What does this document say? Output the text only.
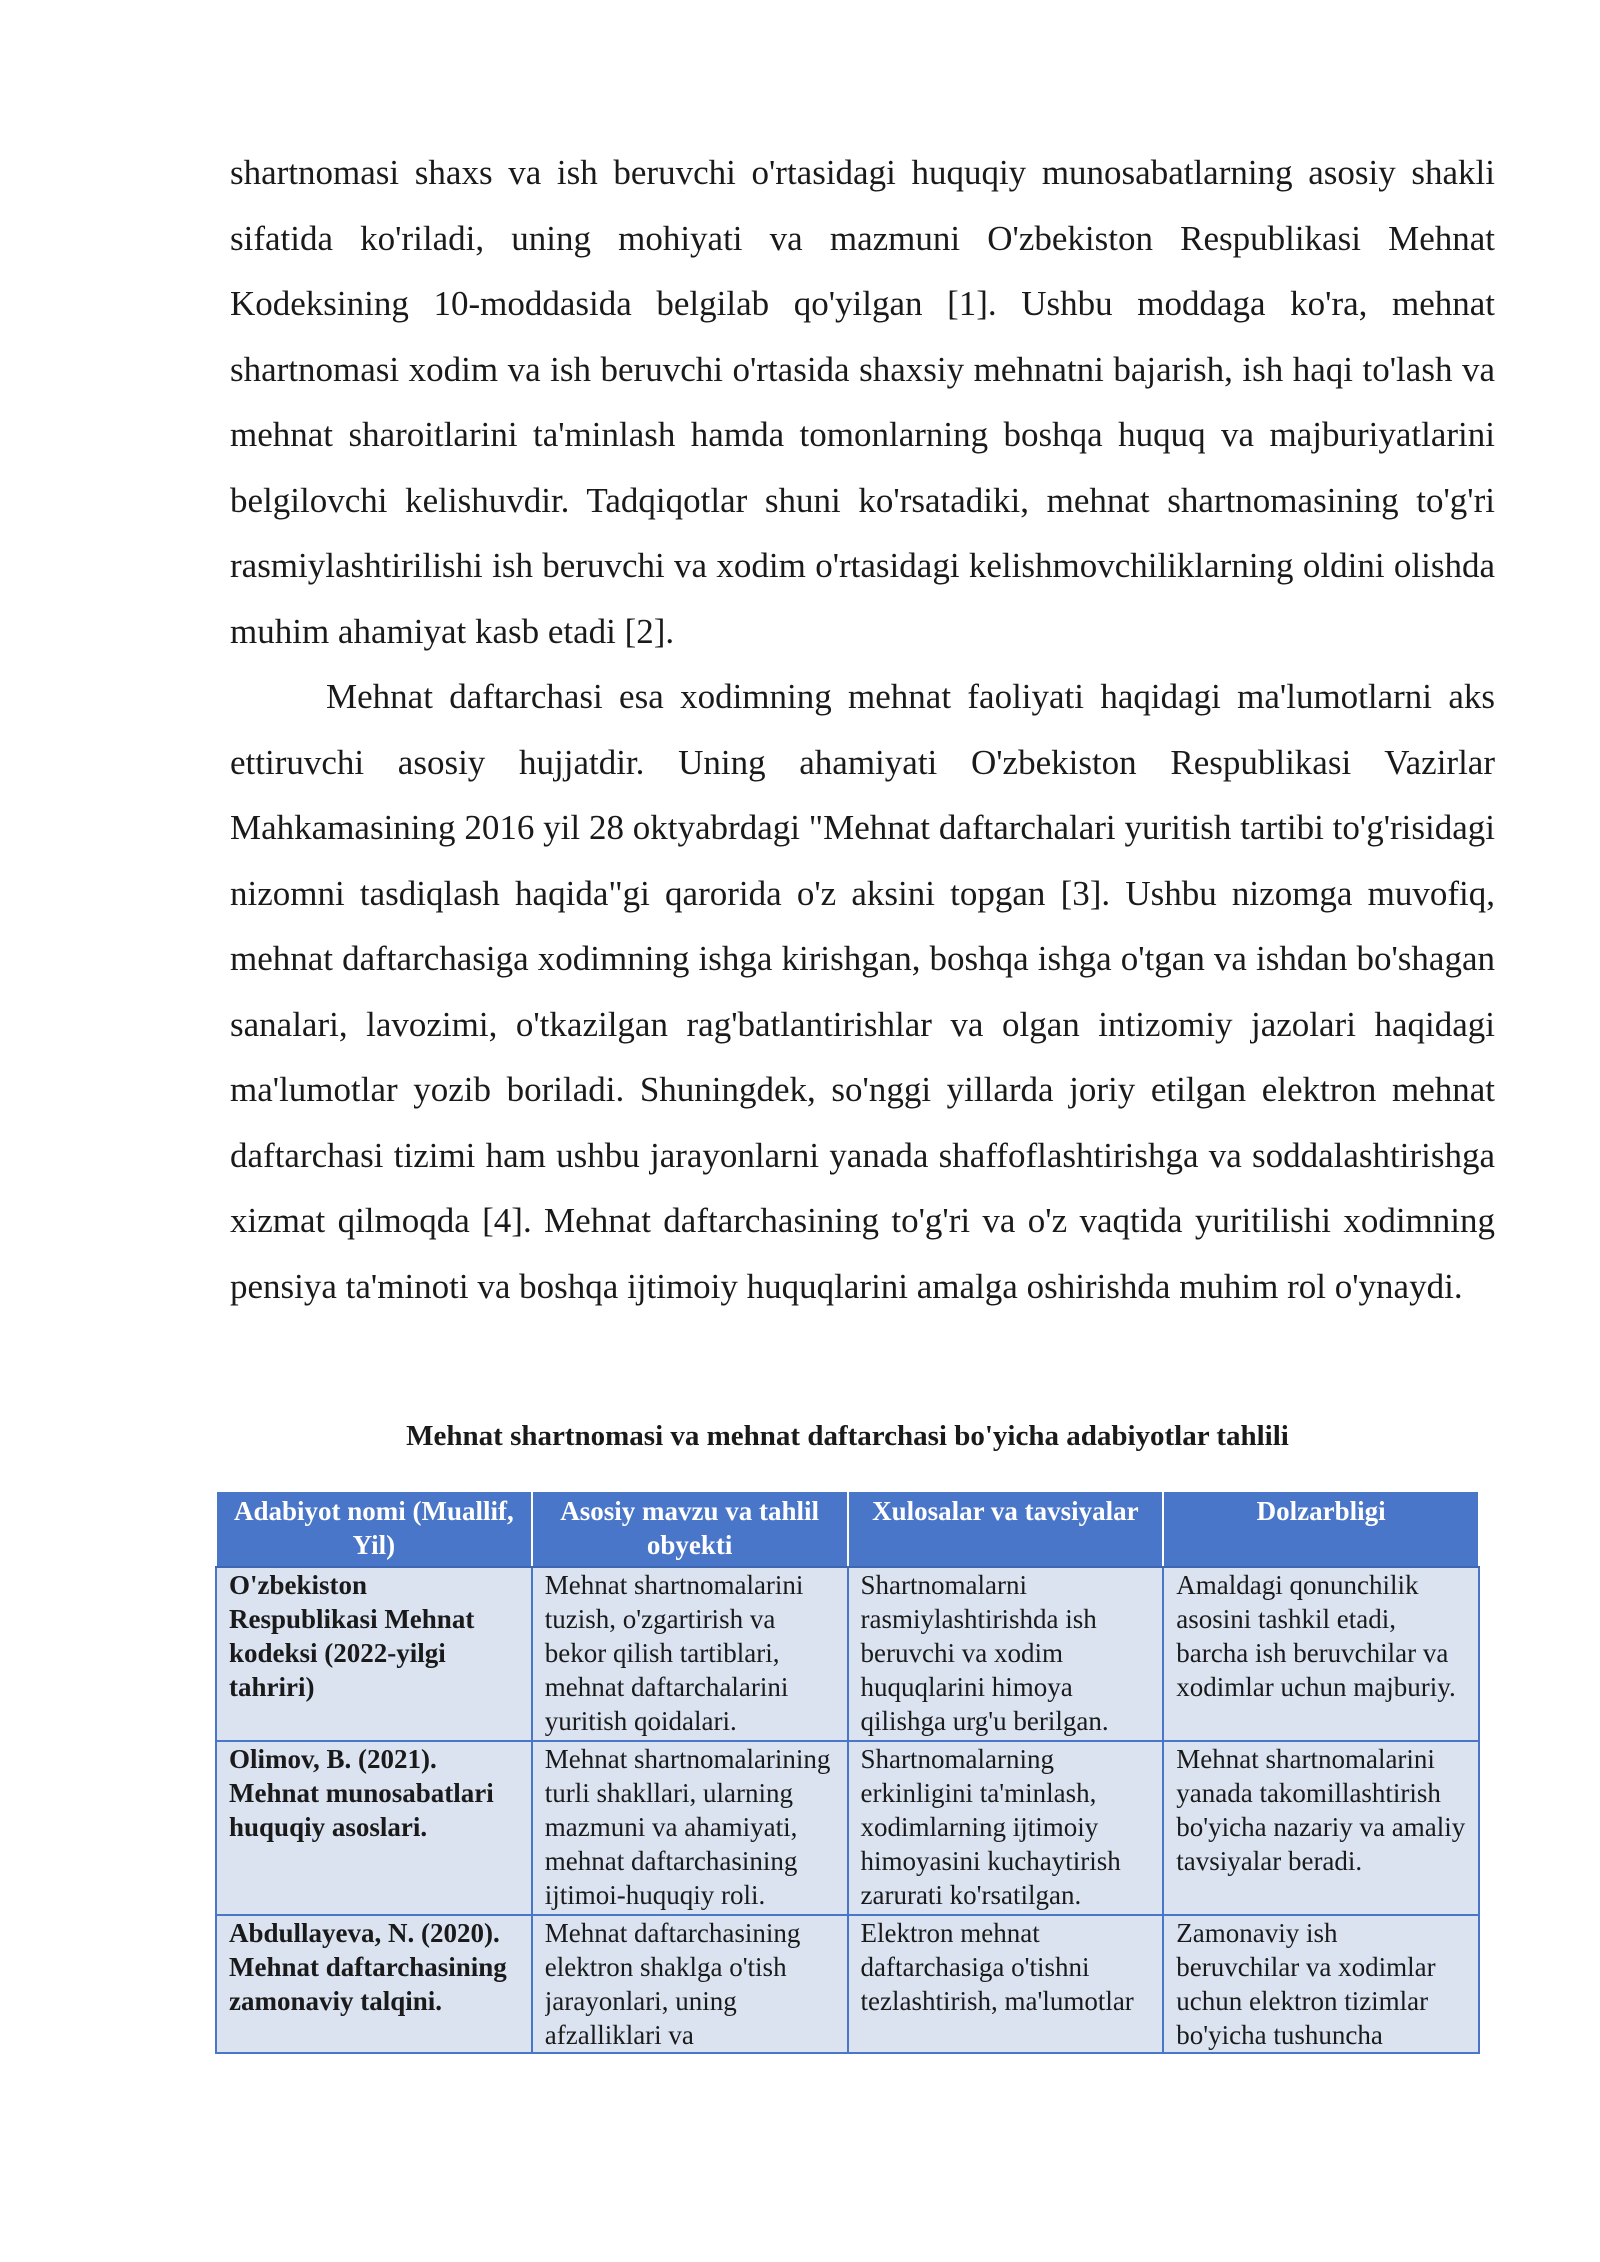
shartnomasi shaxs va ish beruvchi o'rtasidagi huquqiy munosabatlarning asosiy shakli sifatida ko'riladi, uning mohiyati va mazmuni O'zbekiston Respublikasi Mehnat Kodeksining 10-moddasida belgilab qo'yilgan [1]. Ushbu moddaga ko'ra, mehnat shartnomasi xodim va ish beruvchi o'rtasida shaxsiy mehnatni bajarish, ish haqi to'lash va mehnat sharoitlarini ta'minlash hamda tomonlarning boshqa huquq va majburiyatlarini belgilovchi kelishuvdir. Tadqiqotlar shuni ko'rsatadiki, mehnat shartnomasining to'g'ri rasmiylashtirilishi ish beruvchi va xodim o'rtasidagi kelishmovchiliklarning oldini olishda muhim ahamiyat kasb etadi [2].

Mehnat daftarchasi esa xodimning mehnat faoliyati haqidagi ma'lumotlarni aks ettiruvchi asosiy hujjatdir. Uning ahamiyati O'zbekiston Respublikasi Vazirlar Mahkamasining 2016 yil 28 oktyabrdagi "Mehnat daftarchalari yuritish tartibi to'g'risidagi nizomni tasdiqlash haqida"gi qarorida o'z aksini topgan [3]. Ushbu nizomga muvofiq, mehnat daftarchasiga xodimning ishga kirishgan, boshqa ishga o'tgan va ishdan bo'shagan sanalari, lavozimi, o'tkazilgan rag'batlantirishlar va olgan intizomiy jazolari haqidagi ma'lumotlar yozib boriladi. Shuningdek, so'nggi yillarda joriy etilgan elektron mehnat daftarchasi tizimi ham ushbu jarayonlarni yanada shaffoflashtirishga va soddalashtirishga xizmat qilmoqda [4]. Mehnat daftarchasining to'g'ri va o'z vaqtida yuritilishi xodimning pensiya ta'minoti va boshqa ijtimoiy huquqlarini amalga oshirishda muhim rol o'ynaydi.

Mehnat shartnomasi va mehnat daftarchasi bo'yicha adabiyotlar tahlili

Adabiyot nomi (Muallif, Yil)	Asosiy mavzu va tahlil obyekti	Xulosalar va tavsiyalar	Dolzarbligi
O'zbekiston Respublikasi Mehnat kodeksi (2022-yilgi tahriri)	Mehnat shartnomalarini tuzish, o'zgartirish va bekor qilish tartiblari, mehnat daftarchalarini yuritish qoidalari.	Shartnomalarni rasmiylashtirishda ish beruvchi va xodim huquqlarini himoya qilishga urg'u berilgan.	Amaldagi qonunchilik asosini tashkil etadi, barcha ish beruvchilar va xodimlar uchun majburiy.
Olimov, B. (2021). Mehnat munosabatlari huquqiy asoslari.	Mehnat shartnomalarining turli shakllari, ularning mazmuni va ahamiyati, mehnat daftarchasining ijtimoi-huquqiy roli.	Shartnomalarning erkinligini ta'minlash, xodimlarning ijtimoiy himoyasini kuchaytirish zarurati ko'rsatilgan.	Mehnat shartnomalarini yanada takomillashtirish bo'yicha nazariy va amaliy tavsiyalar beradi.

Abdullayeva, N. (2020). Mehnat daftarchasining zamonaviy talqini.	Mehnat daftarchasining elektron shaklga o'tish jarayonlari, uning afzalliklari va	Elektron mehnat daftarchasiga o'tishni tezlashtirish, ma'lumotlar	Zamonaviy ish beruvchilar va xodimlar uchun elektron tizimlar bo'yicha tushuncha
